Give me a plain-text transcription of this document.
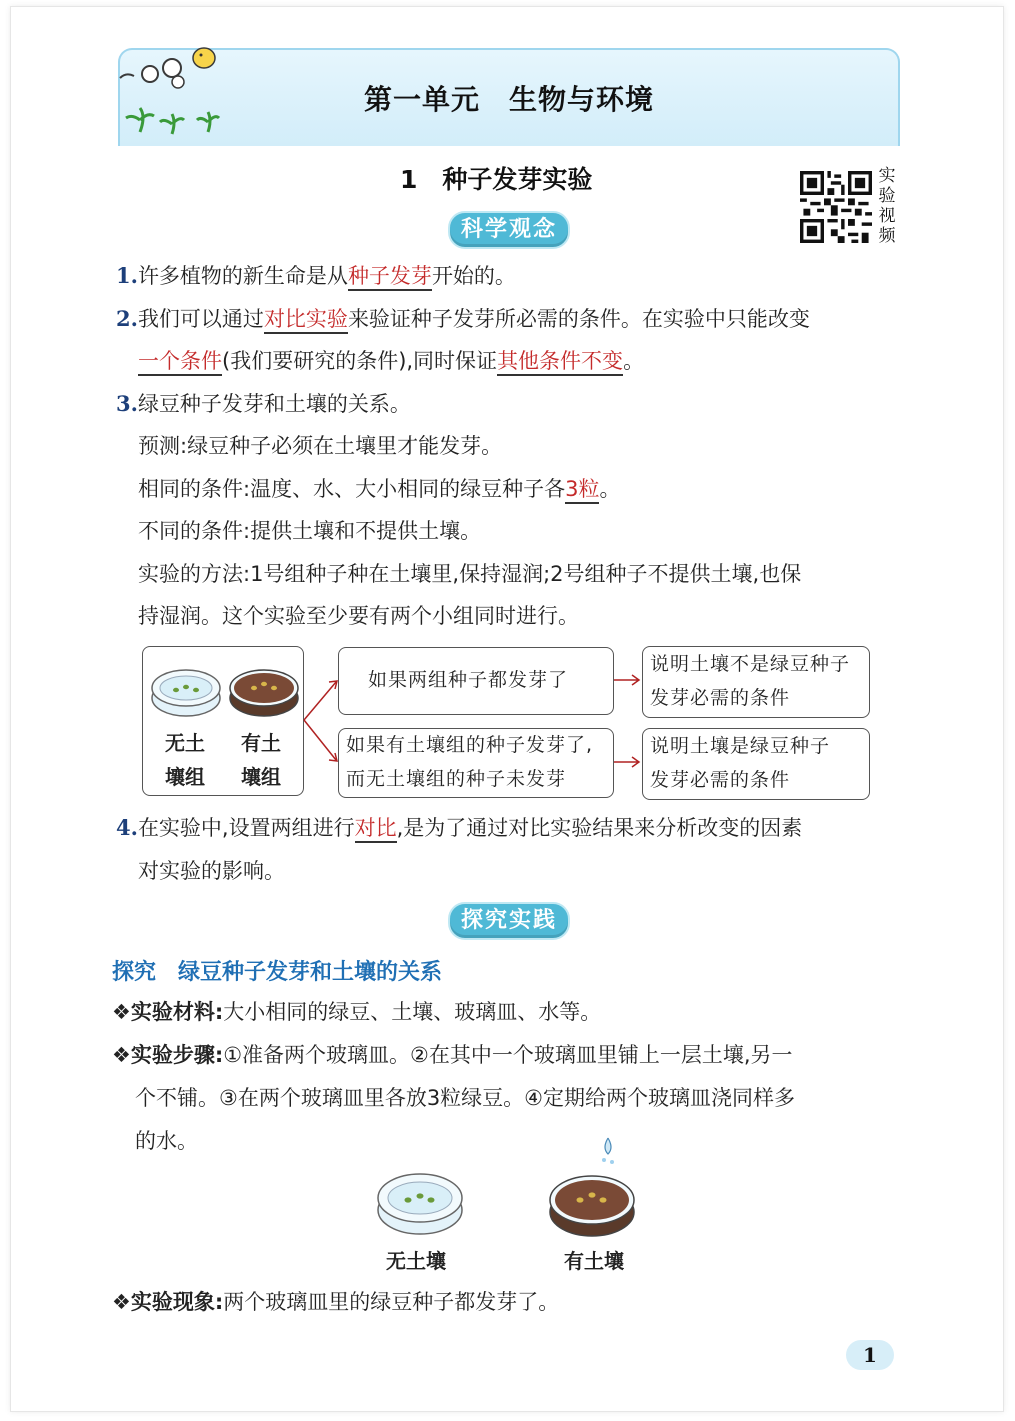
第一单元　生物与环境
1　种子发芽实验	实
验
视
频
科学观念
1.许多植物的新生命是从种子发芽开始的。
2.我们可以通过对比实验来验证种子发芽所必需的条件。在实验中只能改变
一个条件(我们要研究的条件),同时保证其他条件不变。
3.绿豆种子发芽和土壤的关系。
预测:绿豆种子必须在土壤里才能发芽。
相同的条件:温度、水、大小相同的绿豆种子各3粒。
不同的条件:提供土壤和不提供土壤。
实验的方法:1号组种子种在土壤里,保持湿润;2号组种子不提供土壤,也保
持湿润。这个实验至少要有两个小组同时进行。
无土
壤组
有土
壤组
如果两组种子都发芽了
如果有土壤组的种子发芽了,
而无土壤组的种子未发芽
说明土壤不是绿豆种子
发芽必需的条件
说明土壤是绿豆种子
发芽必需的条件
4.在实验中,设置两组进行对比,是为了通过对比实验结果来分析改变的因素
对实验的影响。
探究实践
探究　绿豆种子发芽和土壤的关系
❖实验材料:大小相同的绿豆、土壤、玻璃皿、水等。
❖实验步骤:①准备两个玻璃皿。②在其中一个玻璃皿里铺上一层土壤,另一
个不铺。③在两个玻璃皿里各放3粒绿豆。④定期给两个玻璃皿浇同样多
的水。
无土壤	有土壤
❖实验现象:两个玻璃皿里的绿豆种子都发芽了。
1
